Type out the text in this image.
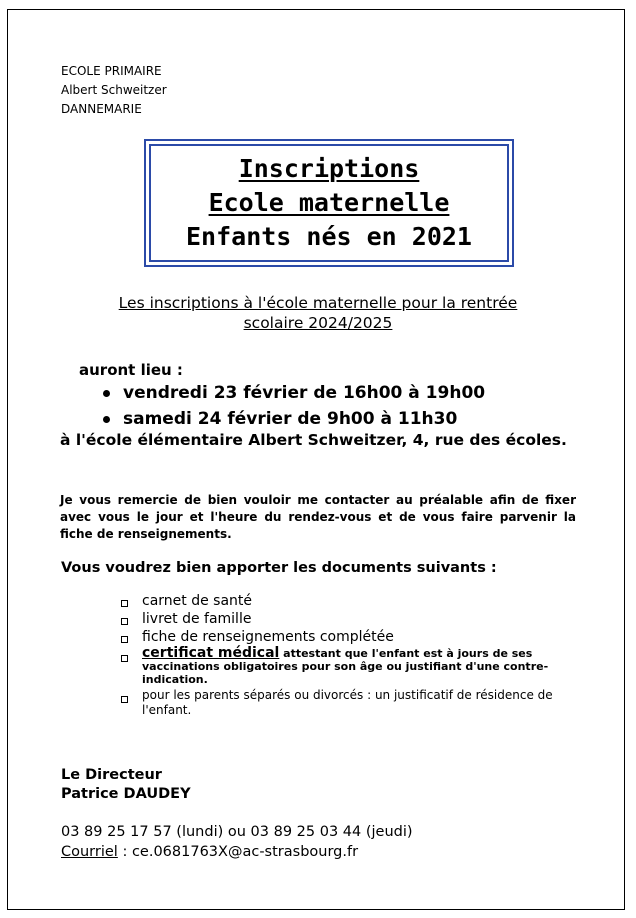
ECOLE PRIMAIRE
Albert Schweitzer
DANNEMARIE
Inscriptions
Ecole maternelle
Enfants nés en 2021
Les inscriptions à l'école maternelle pour la rentrée
scolaire 2024/2025
auront lieu :
vendredi 23 février de 16h00 à 19h00
samedi 24 février de 9h00 à 11h30
à l'école élémentaire Albert Schweitzer, 4, rue des écoles.
Je vous remercie de bien vouloir me contacter au préalable afin de fixer avec vous le jour et l'heure du rendez-vous et de vous faire parvenir la fiche de renseignements.
Vous voudrez bien apporter les documents suivants :
carnet de santé
livret de famille
fiche de renseignements complétée
certificat médical attestant que l'enfant est à jours de ses vaccinations obligatoires pour son âge ou justifiant d'une contre-indication.
pour les parents séparés ou divorcés : un justificatif de résidence de l'enfant.
Le Directeur
Patrice DAUDEY
03 89 25 17 57 (lundi) ou 03 89 25 03 44 (jeudi)
Courriel : ce.0681763X@ac-strasbourg.fr
